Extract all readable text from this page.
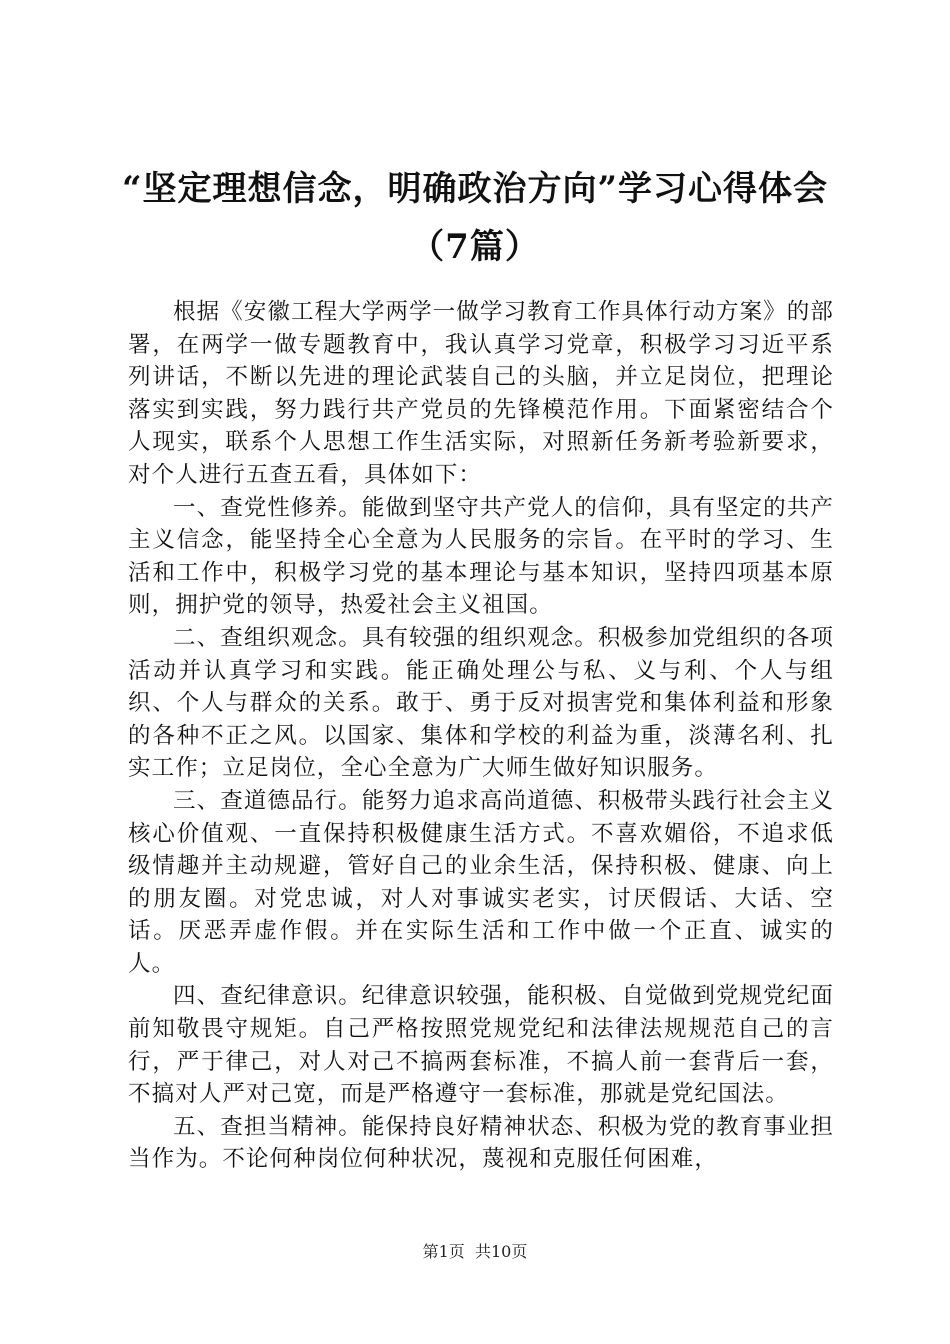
“坚定理想信念，明确政治方向”学习心得体会（7篇）

根据《安徽工程大学两学一做学习教育工作具体行动方案》的部署，在两学一做专题教育中，我认真学习党章，积极学习习近平系列讲话，不断以先进的理论武装自己的头脑，并立足岗位，把理论落实到实践，努力践行共产党员的先锋模范作用。下面紧密结合个人现实，联系个人思想工作生活实际，对照新任务新考验新要求，对个人进行五查五看，具体如下：

一、查党性修养。能做到坚守共产党人的信仰，具有坚定的共产主义信念，能坚持全心全意为人民服务的宗旨。在平时的学习、生活和工作中，积极学习党的基本理论与基本知识，坚持四项基本原则，拥护党的领导，热爱社会主义祖国。

二、查组织观念。具有较强的组织观念。积极参加党组织的各项活动并认真学习和实践。能正确处理公与私、义与利、个人与组织、个人与群众的关系。敢于、勇于反对损害党和集体利益和形象的各种不正之风。以国家、集体和学校的利益为重，淡薄名利、扎实工作；立足岗位，全心全意为广大师生做好知识服务。

三、查道德品行。能努力追求高尚道德、积极带头践行社会主义核心价值观、一直保持积极健康生活方式。不喜欢媚俗，不追求低级情趣并主动规避，管好自己的业余生活，保持积极、健康、向上的朋友圈。对党忠诚，对人对事诚实老实，讨厌假话、大话、空话。厌恶弄虚作假。并在实际生活和工作中做一个正直、诚实的人。

四、查纪律意识。纪律意识较强，能积极、自觉做到党规党纪面前知敬畏守规矩。自己严格按照党规党纪和法律法规规范自己的言行，严于律己，对人对己不搞两套标准，不搞人前一套背后一套，不搞对人严对己宽，而是严格遵守一套标准，那就是党纪国法。

五、查担当精神。能保持良好精神状态、积极为党的教育事业担当作为。不论何种岗位何种状况，蔑视和克服任何困难，

第1页 共10页
